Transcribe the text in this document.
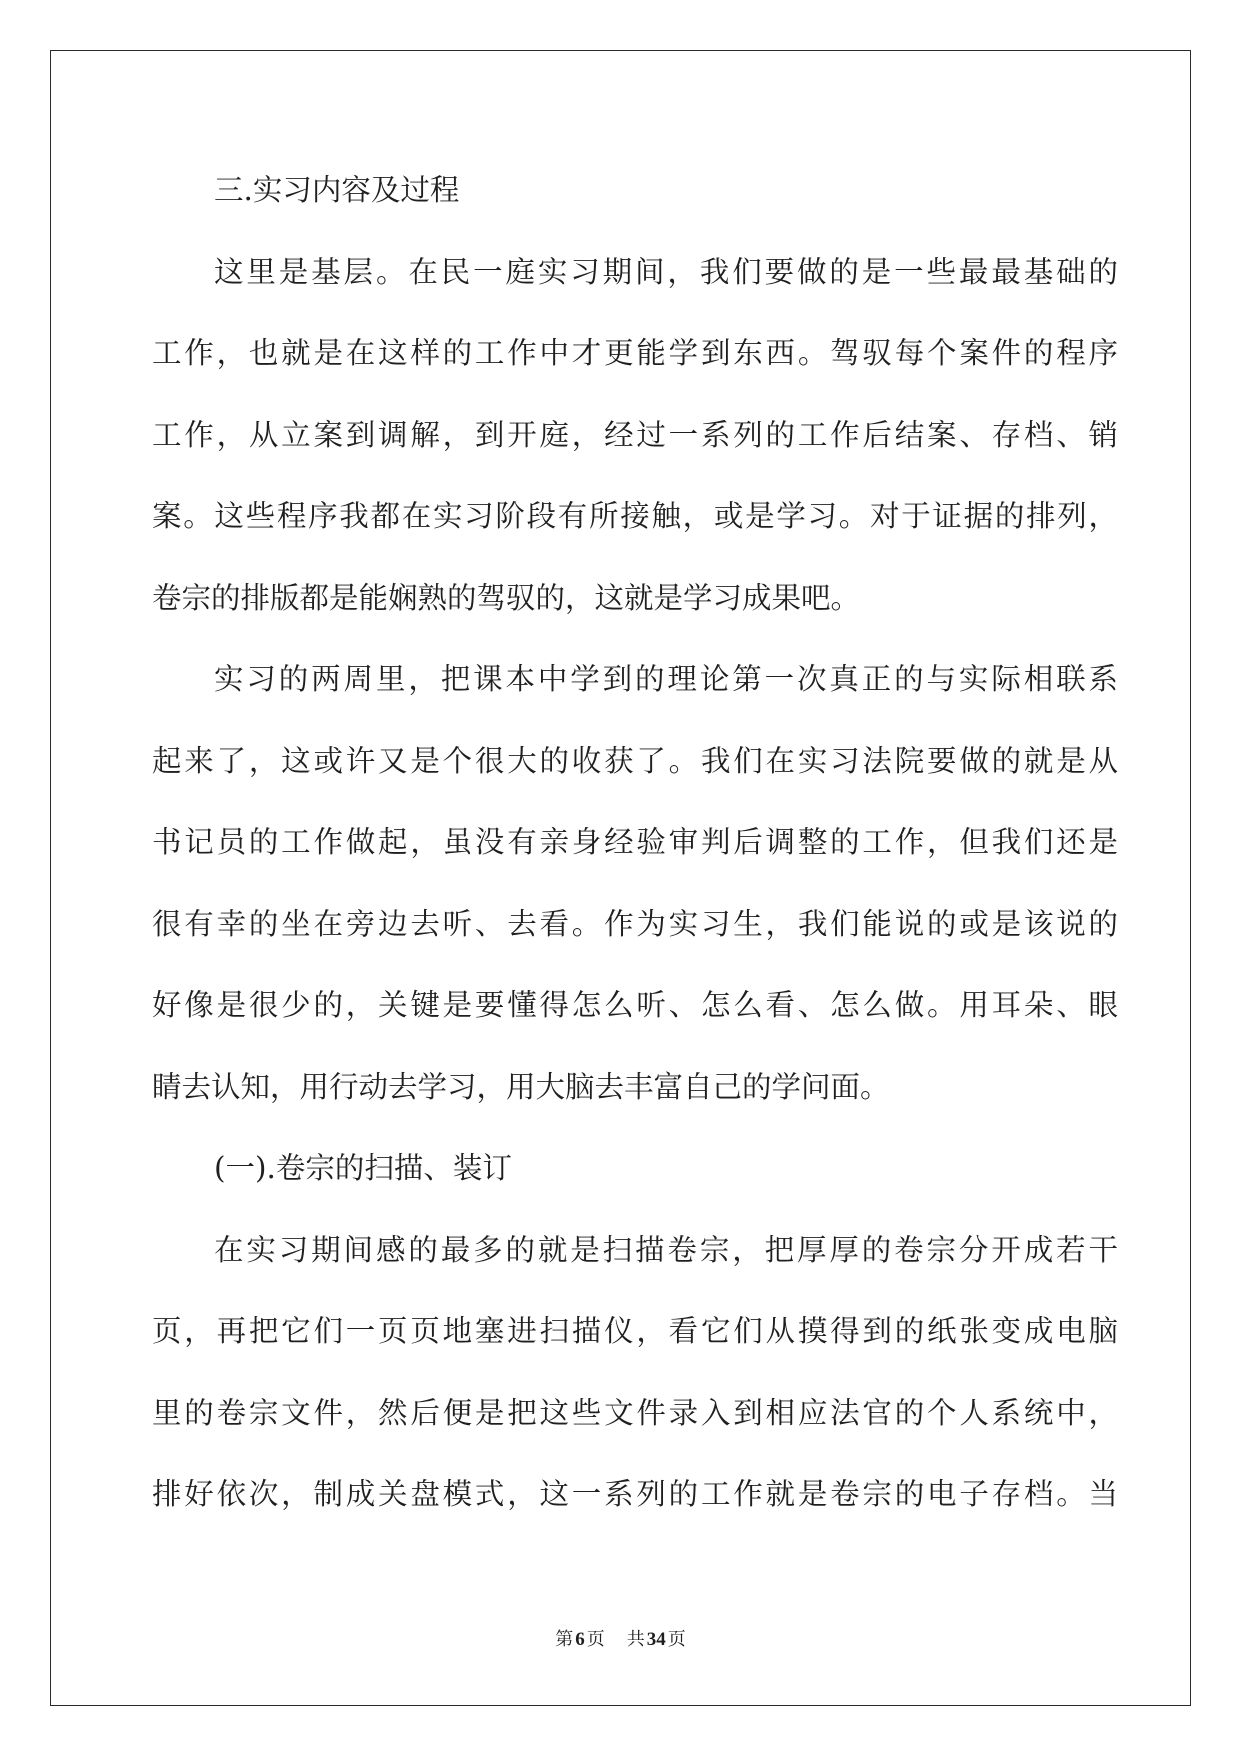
三.实习内容及过程
这里是基层。在民一庭实习期间，我们要做的是一些最最基础的
工作，也就是在这样的工作中才更能学到东西。驾驭每个案件的程序
工作，从立案到调解，到开庭，经过一系列的工作后结案、存档、销
案。这些程序我都在实习阶段有所接触，或是学习。对于证据的排列，
卷宗的排版都是能娴熟的驾驭的，这就是学习成果吧。
实习的两周里，把课本中学到的理论第一次真正的与实际相联系
起来了，这或许又是个很大的收获了。我们在实习法院要做的就是从
书记员的工作做起，虽没有亲身经验审判后调整的工作，但我们还是
很有幸的坐在旁边去听、去看。作为实习生，我们能说的或是该说的
好像是很少的，关键是要懂得怎么听、怎么看、怎么做。用耳朵、眼
睛去认知，用行动去学习，用大脑去丰富自己的学问面。
(一).卷宗的扫描、装订
在实习期间感的最多的就是扫描卷宗，把厚厚的卷宗分开成若干
页，再把它们一页页地塞进扫描仪，看它们从摸得到的纸张变成电脑
里的卷宗文件，然后便是把这些文件录入到相应法官的个人系统中，
排好依次，制成关盘模式，这一系列的工作就是卷宗的电子存档。当
第 6 页 共 34 页
